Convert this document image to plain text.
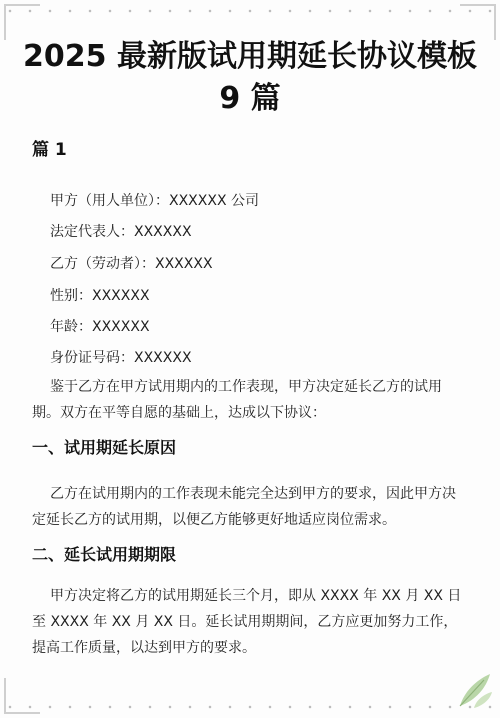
2025 最新版试用期延长协议模板 9 篇
篇 1
甲方（用人单位）：XXXXXX 公司
法定代表人：XXXXXX
乙方（劳动者）：XXXXXX
性别：XXXXXX
年龄：XXXXXX
身份证号码：XXXXXX
鉴于乙方在甲方试用期内的工作表现，甲方决定延长乙方的试用期。双方在平等自愿的基础上，达成以下协议：
一、试用期延长原因
乙方在试用期内的工作表现未能完全达到甲方的要求，因此甲方决定延长乙方的试用期，以便乙方能够更好地适应岗位需求。
二、延长试用期期限
甲方决定将乙方的试用期延长三个月，即从 XXXX 年 XX 月 XX 日至 XXXX 年 XX 月 XX 日。延长试用期期间，乙方应更加努力工作，提高工作质量，以达到甲方的要求。
